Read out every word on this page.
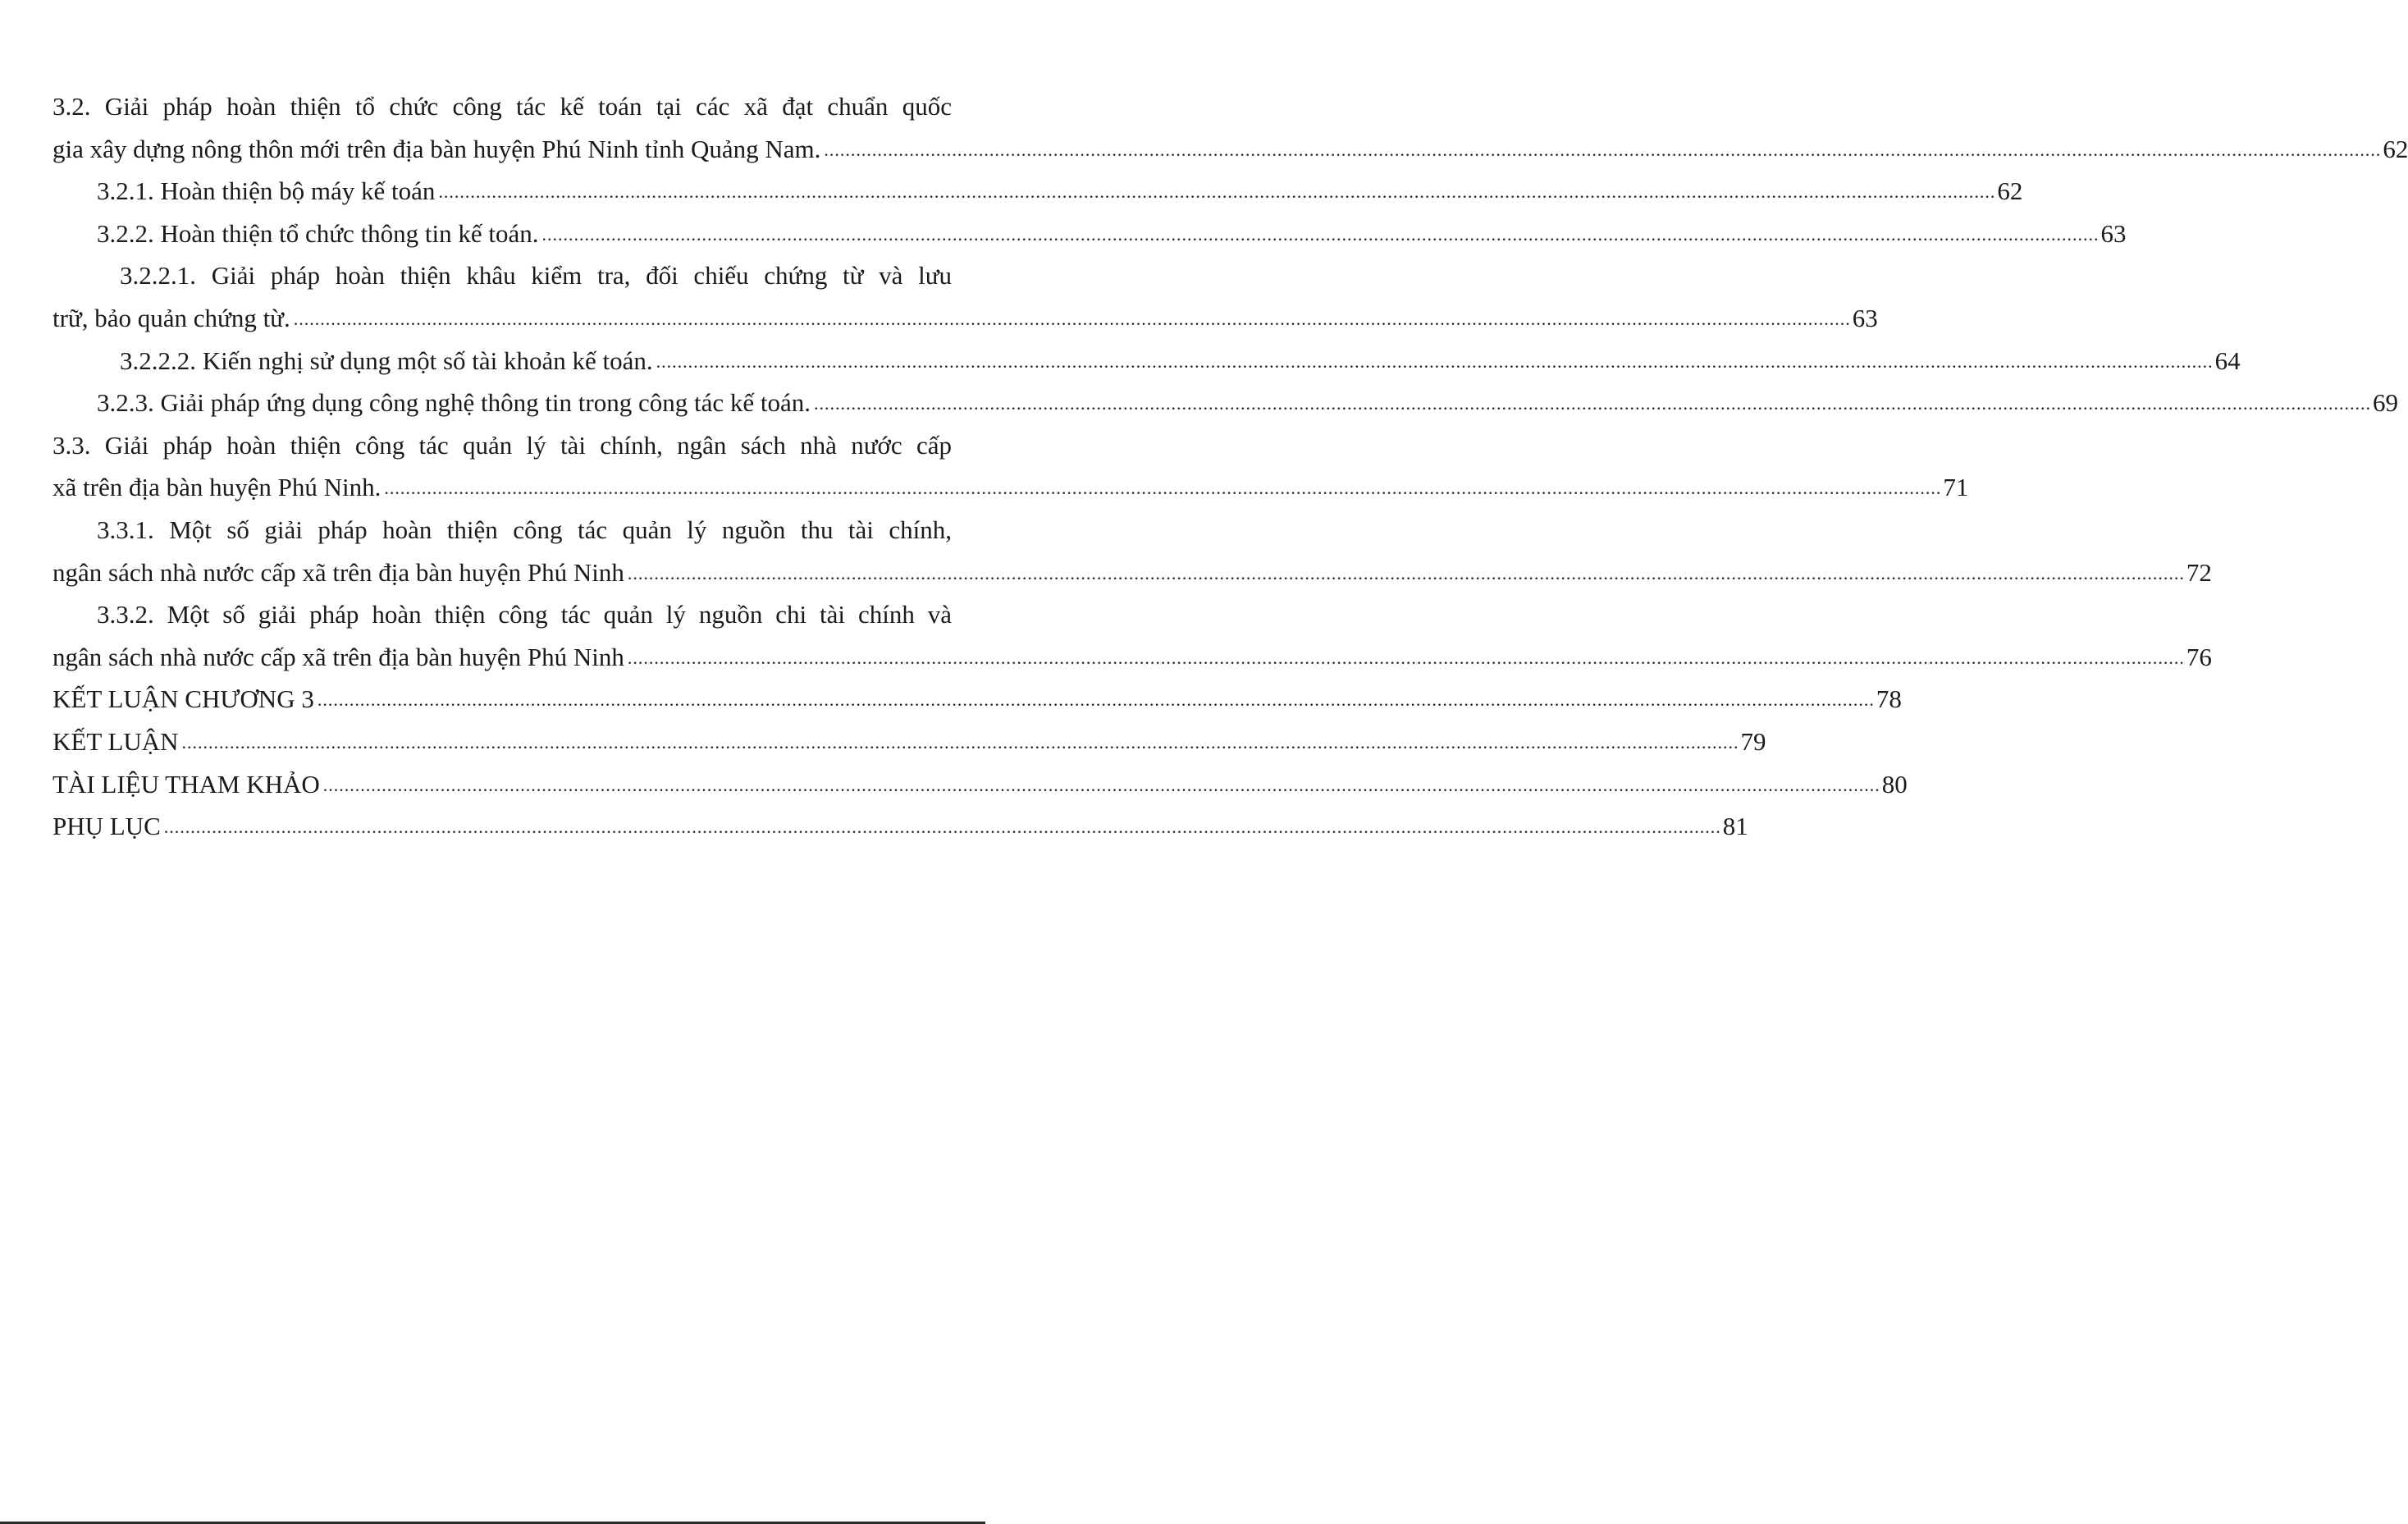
3.2. Giải pháp hoàn thiện tổ chức công tác kế toán tại các xã đạt chuẩn quốc
gia xây dựng nông thôn mới trên địa bàn huyện Phú Ninh tỉnh Quảng Nam. .....	62
3.2.1. Hoàn thiện bộ máy kế toán .....	62
3.2.2. Hoàn thiện tổ chức thông tin kế toán. .....	63
3.2.2.1. Giải pháp hoàn thiện khâu kiểm tra, đối chiếu chứng từ và lưu
trữ, bảo quản chứng từ. .....	63
3.2.2.2. Kiến nghị sử dụng một số tài khoản kế toán. .....	64
3.2.3. Giải pháp ứng dụng công nghệ thông tin trong công tác kế toán. .....	69
3.3. Giải pháp hoàn thiện công tác quản lý tài chính, ngân sách nhà nước cấp
xã trên địa bàn huyện Phú Ninh. .....	71
3.3.1. Một số giải pháp hoàn thiện công tác quản lý nguồn thu tài chính,
ngân sách nhà nước cấp xã trên địa bàn huyện Phú Ninh .....	72
3.3.2. Một số giải pháp hoàn thiện công tác quản lý nguồn chi tài chính và
ngân sách nhà nước cấp xã trên địa bàn huyện Phú Ninh .....	76
KẾT LUẬN CHƯƠNG 3 .....	78
KẾT LUẬN .....	79
TÀI LIỆU THAM KHẢO .....	80
PHỤ LỤC .....	81
